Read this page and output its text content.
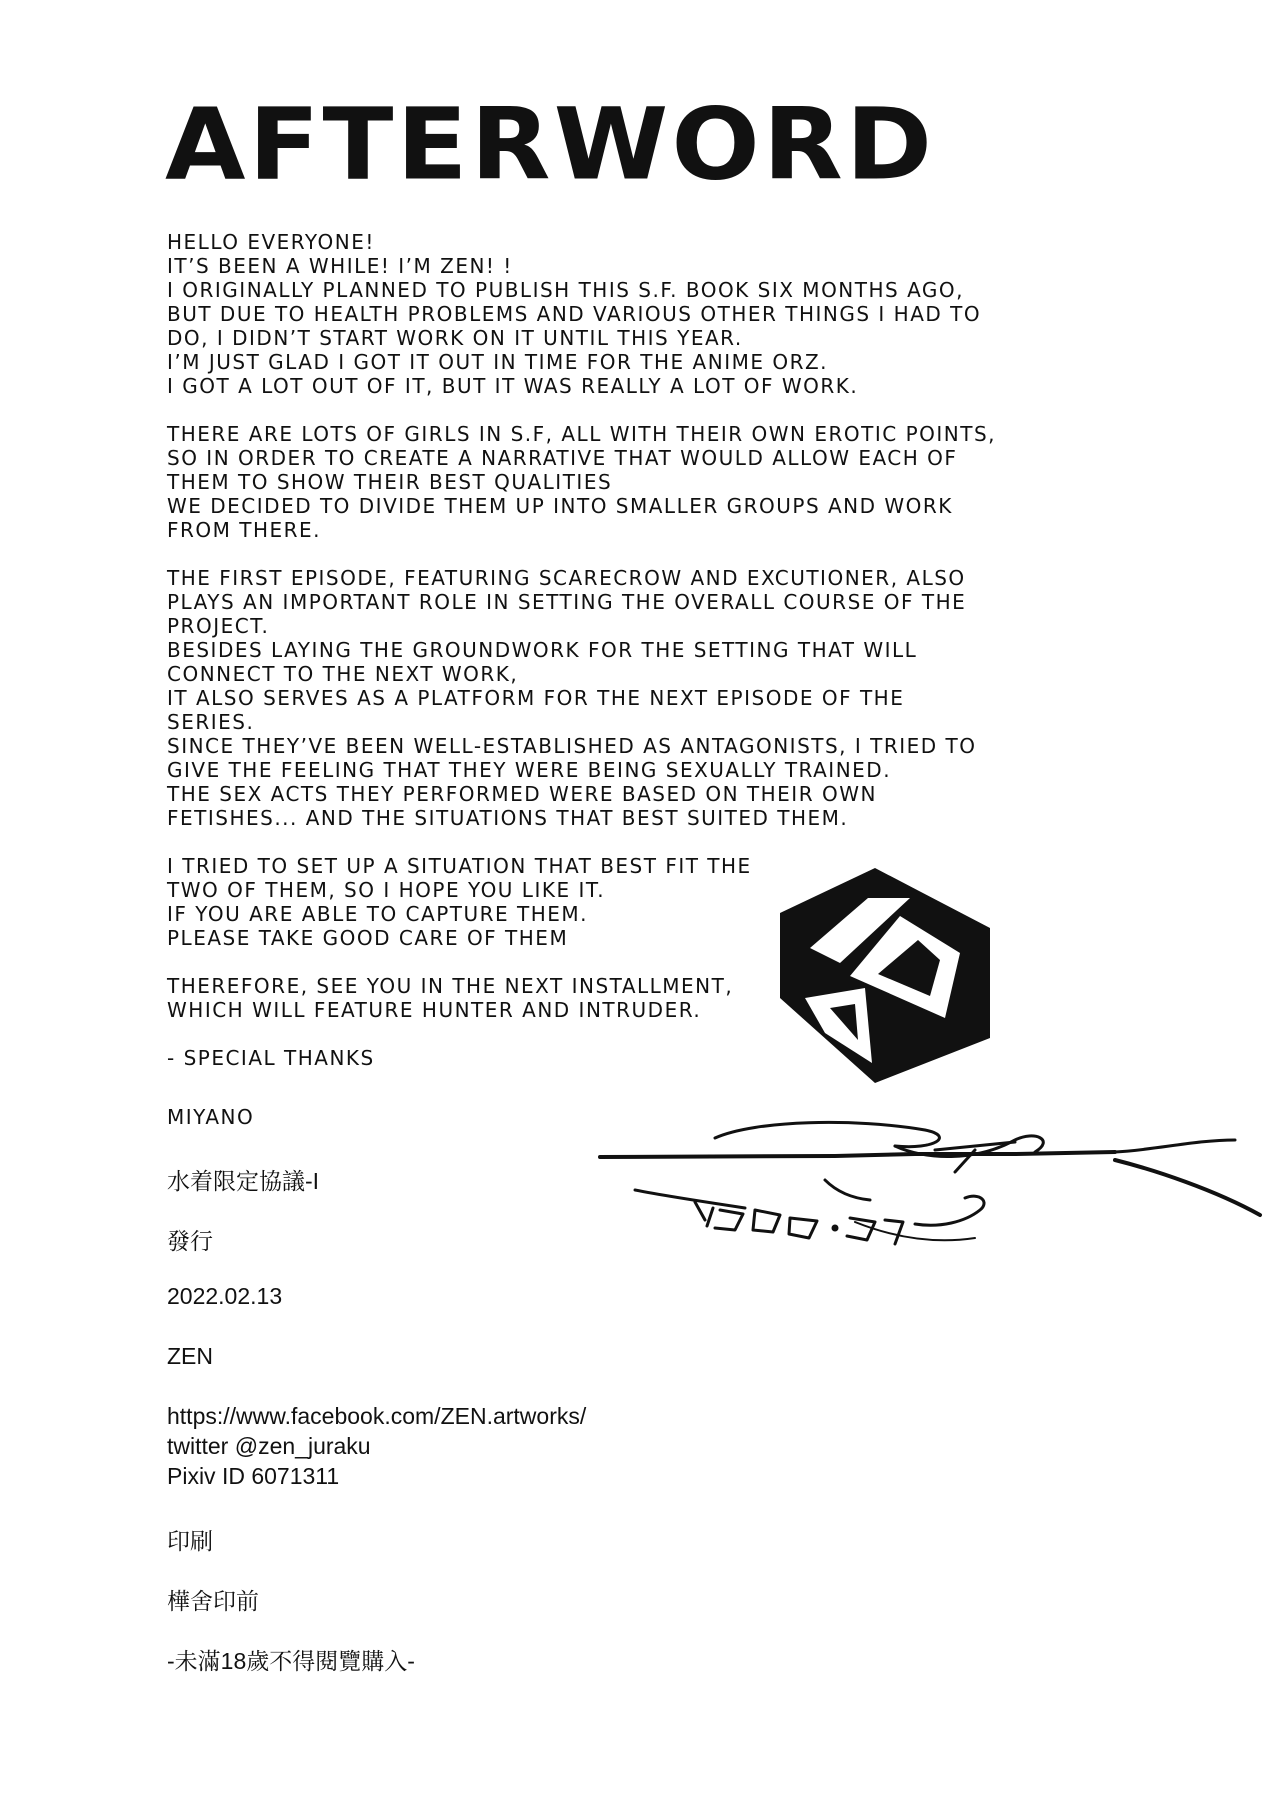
AFTERWORD

HELLO EVERYONE!
IT’S BEEN A WHILE! I’M ZEN! !
I ORIGINALLY PLANNED TO PUBLISH THIS S.F. BOOK SIX MONTHS AGO,
BUT DUE TO HEALTH PROBLEMS AND VARIOUS OTHER THINGS I HAD TO
DO, I DIDN’T START WORK ON IT UNTIL THIS YEAR.
I’M JUST GLAD I GOT IT OUT IN TIME FOR THE ANIME ORZ.
I GOT A LOT OUT OF IT, BUT IT WAS REALLY A LOT OF WORK.

THERE ARE LOTS OF GIRLS IN S.F, ALL WITH THEIR OWN EROTIC POINTS,
SO IN ORDER TO CREATE A NARRATIVE THAT WOULD ALLOW EACH OF
THEM TO SHOW THEIR BEST QUALITIES
WE DECIDED TO DIVIDE THEM UP INTO SMALLER GROUPS AND WORK
FROM THERE.

THE FIRST EPISODE, FEATURING SCARECROW AND EXCUTIONER, ALSO
PLAYS AN IMPORTANT ROLE IN SETTING THE OVERALL COURSE OF THE
PROJECT.
BESIDES LAYING THE GROUNDWORK FOR THE SETTING THAT WILL
CONNECT TO THE NEXT WORK,
IT ALSO SERVES AS A PLATFORM FOR THE NEXT EPISODE OF THE
SERIES.
SINCE THEY’VE BEEN WELL-ESTABLISHED AS ANTAGONISTS, I TRIED TO
GIVE THE FEELING THAT THEY WERE BEING SEXUALLY TRAINED.
THE SEX ACTS THEY PERFORMED WERE BASED ON THEIR OWN
FETISHES... AND THE SITUATIONS THAT BEST SUITED THEM.

I TRIED TO SET UP A SITUATION THAT BEST FIT THE
TWO OF THEM, SO I HOPE YOU LIKE IT.
IF YOU ARE ABLE TO CAPTURE THEM.
PLEASE TAKE GOOD CARE OF THEM

THEREFORE, SEE YOU IN THE NEXT INSTALLMENT,
WHICH WILL FEATURE HUNTER AND INTRUDER.

- SPECIAL THANKS

MIYANO
水着限定協議-I
發行
2022.02.13
ZEN
https://www.facebook.com/ZEN.artworks/
twitter @zen_juraku
Pixiv ID 6071311
印刷
樺舍印前
-未滿18歲不得閱覽購入-
